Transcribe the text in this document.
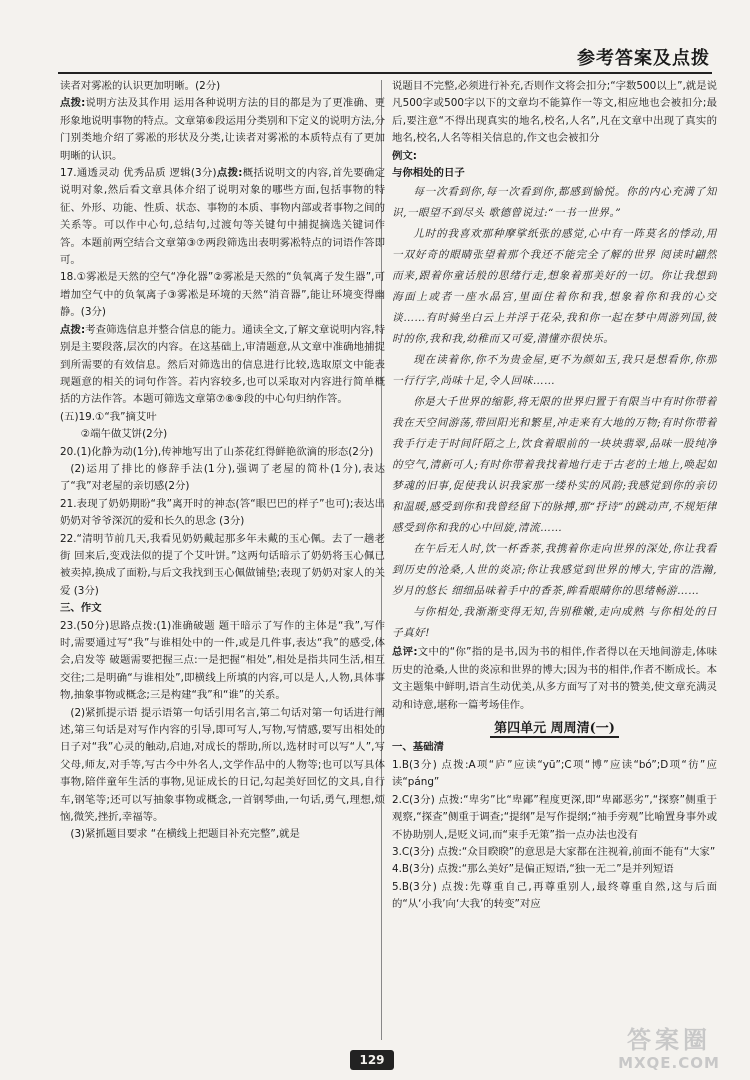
参考答案及点拨

读者对雾凇的认识更加明晰。(2分)

点拨:说明方法及其作用 运用各种说明方法的目的都是为了更准确、更形象地说明事物的特点。文章第⑥段运用分类别和下定义的说明方法,分门别类地介绍了雾凇的形状及分类,让读者对雾凇的本质特点有了更加明晰的认识。

17.通透灵动 优秀品质 逻辑(3分)点拨:概括说明文的内容,首先要确定说明对象,然后看文章具体介绍了说明对象的哪些方面,包括事物的特征、外形、功能、性质、状态、事物的本质、事物内部或者事物之间的关系等。可以作中心句,总结句,过渡句等关键句中捕捉摘选关键词作答。本题前两空结合文章第③⑦两段筛选出表明雾凇特点的词语作答即可。

18.①雾凇是天然的空气“净化器”②雾凇是天然的“负氧离子发生器”,可增加空气中的负氧离子③雾凇是环境的天然“消音器”,能让环境变得幽静。(3分)

点拨:考查筛选信息并整合信息的能力。通读全文,了解文章说明内容,特别是主要段落,层次的内容。在这基础上,审清题意,从文章中准确地捕捉到所需要的有效信息。然后对筛选出的信息进行比较,选取原文中能表现题意的相关的词句作答。若内容较多,也可以采取对内容进行简单概括的方法作答。本题可筛选文章第⑦⑧⑨段的中心句归纳作答。

(五)19.①“我”摘艾叶

②端午做艾饼(2分)

20.(1)化静为动(1分),传神地写出了山茶花红得鲜艳欲滴的形态(2分)

(2)运用了排比的修辞手法(1分),强调了老屋的简朴(1分),表达了“我”对老屋的亲切感(2分)

21.表现了奶奶期盼“我”离开时的神态(答“眼巴巴的样子”也可);表达出奶奶对爷爷深沉的爱和长久的思念 (3分)

22.“清明节前几天,我看见奶奶戴起那多年未戴的玉心佩。去了一趟老街 回来后,变戏法似的提了个艾叶饼。”这两句话暗示了奶奶将玉心佩已被卖掉,换成了面粉,与后文我找到玉心佩做铺垫;表现了奶奶对家人的关爱 (3分)

三、作文

23.(50分)思路点拨:(1)准确破题 题干暗示了写作的主体是“我”,写作时,需要通过写“我”与谁相处中的一件,或是几件事,表达“我”的感受,体会,启发等 破题需要把握三点:一是把握“相处”,相处是指共同生活,相互交往;二是明确“与谁相处”,即横线上所填的内容,可以是人,人物,具体事物,抽象事物或概念;三是构建“我”和“谁”的关系。

(2)紧抓提示语 提示语第一句话引用名言,第二句话对第一句话进行阐述,第三句话是对写作内容的引导,即可写人,写物,写情感,要写出相处的日子对“我”心灵的触动,启迪,对成长的帮助,所以,选材时可以写“人”,写父母,师友,对手等,写古今中外名人,文学作品中的人物等;也可以写具体事物,陪伴童年生活的事物,见证成长的日记,勾起美好回忆的文具,自行车,钢笔等;还可以写抽象事物或概念,一首钢琴曲,一句话,勇气,理想,烦恼,微笑,挫折,幸福等。

(3)紧抓题目要求 “在横线上把题目补充完整”,就是

说题目不完整,必须进行补充,否则作文将会扣分;“字数500以上”,就是说凡500字或500字以下的文章均不能算作一等文,相应地也会被扣分;最后,要注意“不得出现真实的地名,校名,人名”,凡在文章中出现了真实的地名,校名,人名等相关信息的,作文也会被扣分

例文:

与你相处的日子

每一次看到你,每一次看到你,都感到愉悦。你的内心充满了知识,一眼望不到尽头 歌德曾说过:“一书一世界。”

儿时的我喜欢那种摩挲纸张的感觉,心中有一阵莫名的悸动,用一双好奇的眼睛张望着那个我还不能完全了解的世界 阅读时翩然而来,跟着你童话般的思绪行走,想象着那美好的一切。你让我想到海面上或者一座水晶宫,里面住着你和我,想象着你和我的心交谈……有时骑坐白云上并浮于花朵,我和你一起在梦中周游列国,彼时的你,我和我,幼稚而又可爱,潜懂亦很快乐。

现在读着你,你不为贵金屋,更不为颜如玉,我只是想看你,你那一行行字,尚味十足,令人回味……

你是大千世界的缩影,将无限的世界归置于有限当中有时你带着我在天空间游荡,带回阳光和繁星,冲走来有大地的万物;有时你带着我手行走于时间阡陌之上,饮食着眼前的一块块翡翠,品味一股纯净的空气,清新可人;有时你带着我找着地行走于古老的土地上,唤起如梦魂的旧事,促使我认识我家那一缕朴实的风韵;我感觉到你的亲切和温暖,感受到你和我曾经留下的脉搏,那“抒诗”的跳动声,不规矩律感受到你和我的心中回旋,清流……

在午后无人时,饮一杯香茶,我携着你走向世界的深处,你让我看到历史的沧桑,人世的炎凉;你让我感觉到世界的博大,宇宙的浩瀚,岁月的悠长 细细品味着手中的香茶,眸看眼睛你的思绪畅游……

与你相处,我渐渐变得无知,告别稚嫩,走向成熟 与你相处的日子真好!

总评:文中的“你”指的是书,因为书的相伴,作者得以在天地间游走,体味历史的沧桑,人世的炎凉和世界的博大;因为书的相伴,作者不断成长。本文主题集中鲜明,语言生动优美,从多方面写了对书的赞美,使文章充满灵动和诗意,堪称一篇考场佳作。

第四单元 周周清(一)

一、基础清

1.B(3分) 点拨:A项“庐”应读“yū”;C项“博”应读“bó”;D项“彷”应读“páng”

2.C(3分) 点拨:“卑劣”比“卑鄙”程度更深,即“卑鄙恶劣”,“探察”侧重于观察,“探查”侧重于调查;“提纲”是写作提纲;“袖手旁观”比喻置身事外或不协助别人,是贬义词,而“束手无策”指一点办法也没有

3.C(3分) 点拨:“众目睽睽”的意思是大家都在注视着,前面不能有“大家”

4.B(3分) 点拨:“那么美好”是偏正短语,“独一无二”是并列短语

5.B(3分) 点拨:先尊重自己,再尊重别人,最终尊重自然,这与后面的“从‘小我’向‘大我’的转变”对应

129
答案圈
MXQE.COM
